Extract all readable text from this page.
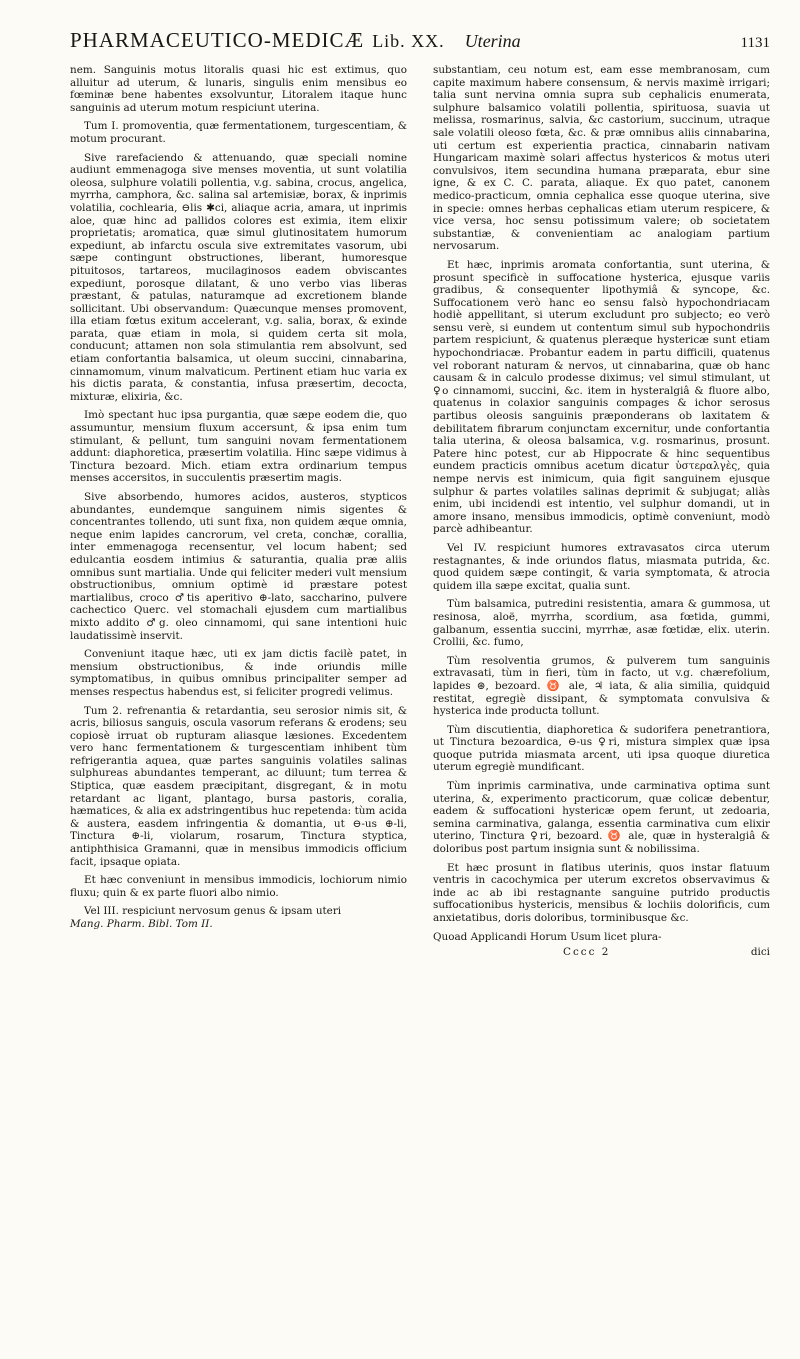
PHARMACEUTICO-MEDICÆ Lib. XX. Uterina	1131

nem. Sanguinis motus litoralis quasi hic est extimus, quo alluitur ad uterum, & lunaris, singulis enim mensibus eo fœminæ bene habentes exsolvuntur, Litoralem itaque hunc sanguinis ad uterum motum respiciunt uterina.

Tum I. promoventia, quæ fermentationem, turgescentiam, & motum procurant.

Sive rarefaciendo & attenuando, quæ speciali nomine audiunt emmenagoga sive menses moventia, ut sunt volatilia oleosa, sulphure volatili pollentia, v.g. sabina, crocus, angelica, myrrha, camphora, &c. salina sal artemisiæ, borax, & inprimis volatilia, cochlearia, ⊖lis ✱ci, aliaque acria, amara, ut inprimis aloe, quæ hinc ad pallidos colores est eximia, item elixir proprietatis; aromatica, quæ simul glutinositatem humorum expediunt, ab infarctu oscula sive extremitates vasorum, ubi sæpe contingunt obstructiones, liberant, humoresque pituitosos, tartareos, mucilaginosos eadem obviscantes expediunt, porosque dilatant, & uno verbo vias liberas præstant, & patulas, naturamque ad excretionem blande sollicitant. Ubi observandum: Quæcunque menses promovent, illa etiam fœtus exitum accelerant, v.g. salia, borax, & exinde parata, quæ etiam in mola, si quidem certa sit mola, conducunt; attamen non sola stimulantia rem absolvunt, sed etiam confortantia balsamica, ut oleum succini, cinnabarina, cinnamomum, vinum malvaticum. Pertinent etiam huc varia ex his dictis parata, & constantia, infusa præsertim, decocta, mixturæ, elixiria, &c.

Imò spectant huc ipsa purgantia, quæ sæpe eodem die, quo assumuntur, mensium fluxum accersunt, & ipsa enim tum stimulant, & pellunt, tum sanguini novam fermentationem addunt: diaphoretica, præsertim volatilia. Hinc sæpe vidimus à Tinctura bezoard. Mich. etiam extra ordinarium tempus menses accersitos, in succulentis præsertim magis.

Sive absorbendo, humores acidos, austeros, stypticos abundantes, eundemque sanguinem nimis sigentes & concentrantes tollendo, uti sunt fixa, non quidem æque omnia, neque enim lapides cancrorum, vel creta, conchæ, corallia, inter emmenagoga recensentur, vel locum habent; sed edulcantia eosdem intimius & saturantia, qualia præ aliis omnibus sunt martialia. Unde qui feliciter mederi vult mensium obstructionibus, omnium optimè id præstare potest martialibus, croco ♂tis aperitivo ⊕-lato, saccharino, pulvere cachectico Querc. vel stomachali ejusdem cum martialibus mixto addito ♂g. oleo cinnamomi, qui sane intentioni huic laudatissimè inservit.

Conveniunt itaque hæc, uti ex jam dictis facilè patet, in mensium obstructionibus, & inde oriundis mille symptomatibus, in quibus omnibus principaliter semper ad menses respectus habendus est, si feliciter progredi velimus.

Tum 2. refrenantia & retardantia, seu serosior nimis sit, & acris, biliosus sanguis, oscula vasorum referans & erodens; seu copiosè irruat ob rupturam aliasque læsiones. Excedentem vero hanc fermentationem & turgescentiam inhibent tùm refrigerantia aquea, quæ partes sanguinis volatiles salinas sulphureas abundantes temperant, ac diluunt; tum terrea & Stiptica, quæ easdem præcipitant, disgregant, & in motu retardant ac ligant, plantago, bursa pastoris, coralia, hæmatices, & alia ex adstringentibus huc repetenda: tùm acida & austera, easdem infringentia & domantia, ut ⊖-us ⊕-li, Tinctura ⊕-li, violarum, rosarum, Tinctura styptica, antiphthisica Gramanni, quæ in mensibus immodicis officium facit, ipsaque opiata.

Et hæc conveniunt in mensibus immodicis, lochiorum nimio fluxu; quin & ex parte fluori albo nimio.

Vel III. respiciunt nervosum genus & ipsam uteri

Mang. Pharm. Bibl. Tom II.

substantiam, ceu notum est, eam esse membranosam, cum capite maximum habere consensum, & nervis maximè irrigari; talia sunt nervina omnia supra sub cephalicis enumerata, sulphure balsamico volatili pollentia, spirituosa, suavia ut melissa, rosmarinus, salvia, &c castorium, succinum, utraque sale volatili oleoso fœta, &c. & præ omnibus aliis cinnabarina, uti certum est experientia practica, cinnabarin nativam Hungaricam maximè solari affectus hystericos & motus uteri convulsivos, item secundina humana præparata, ebur sine igne, & ex C. C. parata, aliaque. Ex quo patet, canonem medico-practicum, omnia cephalica esse quoque uterina, sive in specie: omnes herbas cephalicas etiam uterum respicere, & vice versa, hoc sensu potissimum valere; ob societatem substantiæ, & convenientiam ac analogiam partium nervosarum.

Et hæc, inprimis aromata confortantia, sunt uterina, & prosunt specificè in suffocatione hysterica, ejusque variis gradibus, & consequenter lipothymiâ & syncope, &c. Suffocationem verò hanc eo sensu falsò hypochondriacam hodiè appellitant, si uterum excludunt pro subjecto; eo verò sensu verè, si eundem ut contentum simul sub hypochondriis partem respiciunt, & quatenus pleræque hystericæ sunt etiam hypochondriacæ. Probantur eadem in partu difficili, quatenus vel roborant naturam & nervos, ut cinnabarina, quæ ob hanc causam & in calculo prodesse diximus; vel simul stimulant, ut ♀o cinnamomi, succini, &c. item in hysteralgiâ & fluore albo, quatenus in colaxior sanguinis compages & ichor serosus partibus oleosis sanguinis præponderans ob laxitatem & debilitatem fibrarum conjunctam excernitur, unde confortantia talia uterina, & oleosa balsamica, v.g. rosmarinus, prosunt. Patere hinc potest, cur ab Hippocrate & hinc sequentibus eundem practicis omnibus acetum dicatur ὑστεραλγὲς, quia nempe nervis est inimicum, quia figit sanguinem ejusque sulphur & partes volatiles salinas deprimit & subjugat; aliàs enim, ubi incidendi est intentio, vel sulphur domandi, ut in amore insano, mensibus immodicis, optimè conveniunt, modò parcè adhibeantur.

Vel IV. respiciunt humores extravasatos circa uterum restagnantes, & inde oriundos flatus, miasmata putrida, &c. quod quidem sæpe contingit, & varia symptomata, & atrocia quidem illa sæpe excitat, qualia sunt.

Tùm balsamica, putredini resistentia, amara & gummosa, ut resinosa, aloë, myrrha, scordium, asa fœtida, gummi, galbanum, essentia succini, myrrhæ, asæ fœtidæ, elix. uterin. Crollii, &c. fumo,

Tùm resolventia grumos, & pulverem tum sanguinis extravasati, tùm in fieri, tùm in facto, ut v.g. chærefolium, lapides ⊛, bezoard. ♉ ale, ♃ iata, & alia similia, quidquid restitat, egregiè dissipant, & symptomata convulsiva & hysterica inde producta tollunt.

Tùm discutientia, diaphoretica & sudorifera penetrantiora, ut Tinctura bezoardica, ⊖-us ♀ri, mistura simplex quæ ipsa quoque putrida miasmata arcent, uti ipsa quoque diuretica uterum egregiè mundificant.

Tùm inprimis carminativa, unde carminativa optima sunt uterina, &, experimento practicorum, quæ colicæ debentur, eadem & suffocationi hystericæ opem ferunt, ut zedoaria, semina carminativa, galanga, essentia carminativa cum elixir uterino, Tinctura ♀ri, bezoard. ♉ ale, quæ in hysteralgiâ & doloribus post partum insignia sunt & nobilissima.

Et hæc prosunt in flatibus uterinis, quos instar flatuum ventris in cacochymica per uterum excretos observavimus & inde ac ab ibi restagnante sanguine putrido productis suffocationibus hystericis, mensibus & lochiis dolorificis, cum anxietatibus, doris doloribus, torminibusque &c.

Quoad Applicandi Horum Usum licet plura-
Cccc 2	dici
